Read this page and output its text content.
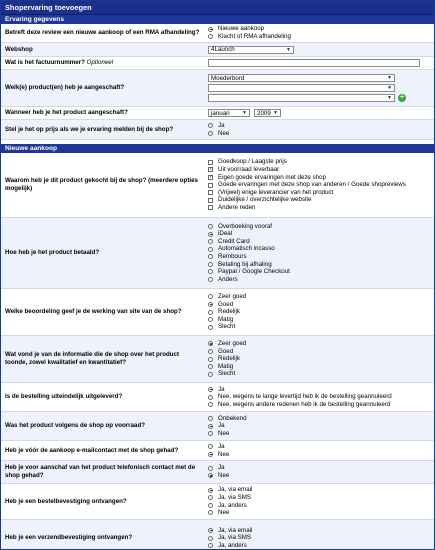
Shopervaring toevoegen
Ervaring gegevens
Betreft deze review een nieuwe aankoop of een RMA afhandeling?
Nieuwe aankoop
Klacht of RMA afhandeling
Webshop	4Launch	▼
Wat is het factuurnummer? Optioneel
Welk(e) product(en) heb je aangeschaft?
Moederbord	▼
▼
▼ +
Wanneer heb je het product aangeschaft?	januari ▼ 2009 ▼
Stel je het op prijs als we je ervaring melden bij de shop?
Ja
Nee
Nieuwe aankoop
Waarom heb je dit product gekocht bij de shop? (meerdere opties mogelijk)
Goedkoop / Laagste prijs
✓ Uit voorraad leverbaar
✓ Eigen goede ervaringen met deze shop
Goede ervaringen met deze shop van anderen / Goede shopreviews
(Vrijwel) enige leverancier van het product
Duidelijke / overzichtelijke website
Andere reden
Hoe heb je het product betaald?
Overboeking vooraf
iDeal
Credit Card
Automatisch incasso
Rembours
Betaling bij afhaling
Paypal / Google Checkout
Anders
Welke beoordeling geef je de werking van site van de shop?
Zeer goed
Goed
Redelijk
Matig
Slecht
Wat vond je van de informatie die de shop over het product toonde, zowel kwalitatief en kwantitatief?
Zeer goed
Goed
Redelijk
Matig
Slecht
Is de bestelling uiteindelijk uitgeleverd?
Ja
Nee, wegens te lange levertijd heb ik de bestelling geannuleerd
Nee, wegens andere redenen heb ik de bestelling geannuleerd
Was het product volgens de shop op voorraad?
Onbekend
Ja
Nee
Heb je vóór de aankoop e-mailcontact met de shop gehad?
Ja
Nee
Heb je voor aanschaf van het product telefonisch contact met de shop gehad?
Ja
Nee
Heb je een bestelbevestiging ontvangen?
Ja, via email
Ja, via SMS
Ja, anders
Nee
Heb je een verzendbevestiging ontvangen?
Ja, via email
Ja, via SMS
Ja, anders
